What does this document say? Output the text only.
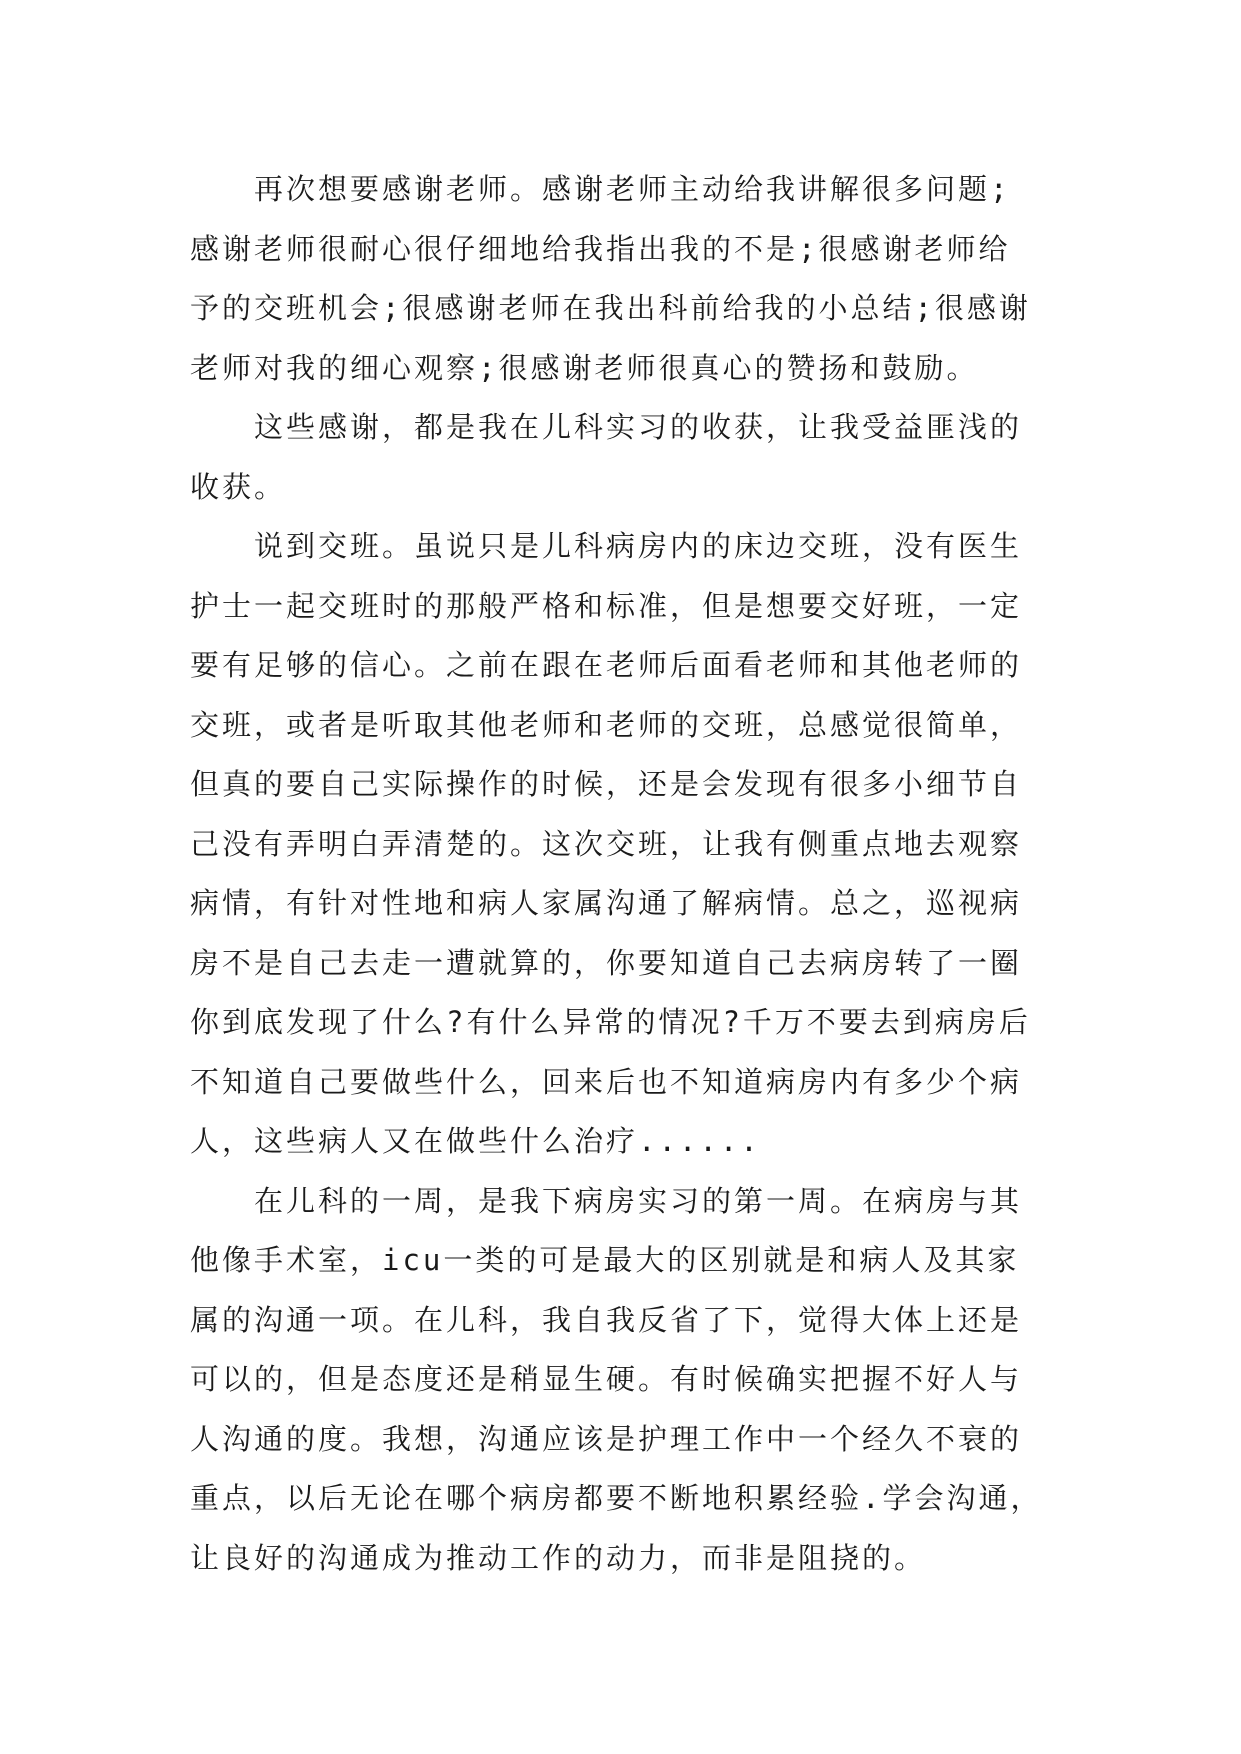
再次想要感谢老师。感谢老师主动给我讲解很多问题;
感谢老师很耐心很仔细地给我指出我的不是;很感谢老师给
予的交班机会;很感谢老师在我出科前给我的小总结;很感谢
老师对我的细心观察;很感谢老师很真心的赞扬和鼓励。
这些感谢，都是我在儿科实习的收获，让我受益匪浅的
收获。
说到交班。虽说只是儿科病房内的床边交班，没有医生
护士一起交班时的那般严格和标准，但是想要交好班，一定
要有足够的信心。之前在跟在老师后面看老师和其他老师的
交班，或者是听取其他老师和老师的交班，总感觉很简单，
但真的要自己实际操作的时候，还是会发现有很多小细节自
己没有弄明白弄清楚的。这次交班，让我有侧重点地去观察
病情，有针对性地和病人家属沟通了解病情。总之，巡视病
房不是自己去走一遭就算的，你要知道自己去病房转了一圈
你到底发现了什么?有什么异常的情况?千万不要去到病房后
不知道自己要做些什么，回来后也不知道病房内有多少个病
人，这些病人又在做些什么治疗......
在儿科的一周，是我下病房实习的第一周。在病房与其
他像手术室，icu一类的可是最大的区别就是和病人及其家
属的沟通一项。在儿科，我自我反省了下，觉得大体上还是
可以的，但是态度还是稍显生硬。有时候确实把握不好人与
人沟通的度。我想，沟通应该是护理工作中一个经久不衰的
重点，以后无论在哪个病房都要不断地积累经验.学会沟通，
让良好的沟通成为推动工作的动力，而非是阻挠的。
